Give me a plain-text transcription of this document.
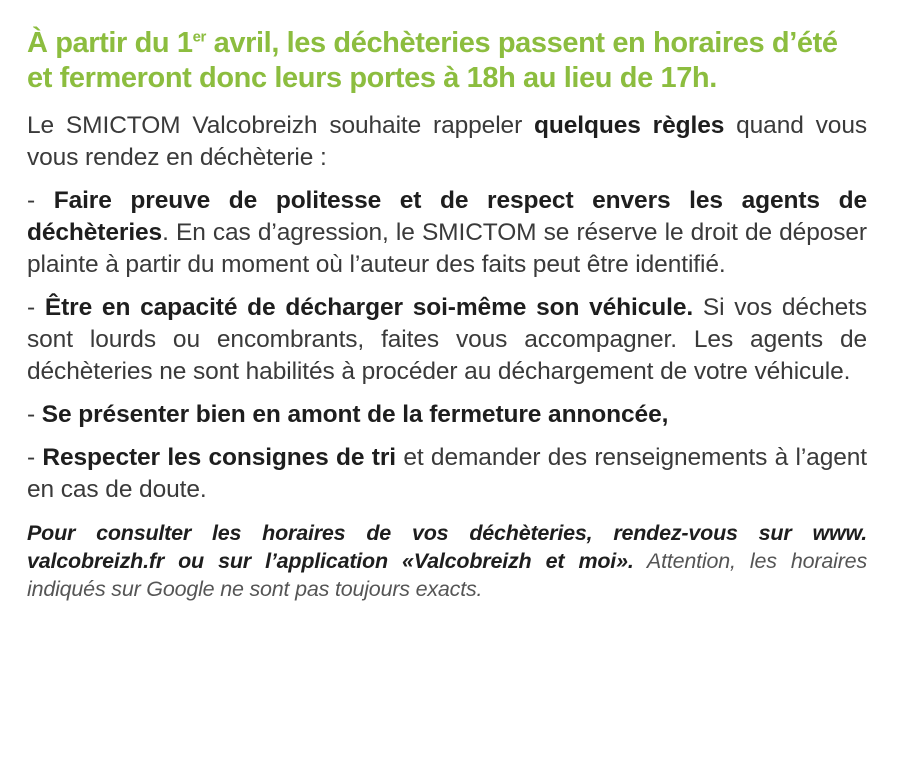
À partir du 1er avril, les déchèteries passent en horaires d’été et fermeront donc leurs portes à 18h au lieu de 17h.

Le SMICTOM Valcobreizh souhaite rappeler quelques règles quand vous vous rendez en déchèterie :

- Faire preuve de politesse et de respect envers les agents de déchèteries. En cas d’agression, le SMICTOM se réserve le droit de déposer plainte à partir du moment où l’auteur des faits peut être identifié.

- Être en capacité de décharger soi-même son véhicule. Si vos déchets sont lourds ou encombrants, faites vous accompagner. Les agents de déchèteries ne sont habilités à procéder au déchargement de votre véhicule.

- Se présenter bien en amont de la fermeture annoncée,

- Respecter les consignes de tri et demander des renseignements à l’agent en cas de doute.

Pour consulter les horaires de vos déchèteries, rendez-vous sur www. valcobreizh.fr ou sur l’application «Valcobreizh et moi». Attention, les horaires indiqués sur Google ne sont pas toujours exacts.
